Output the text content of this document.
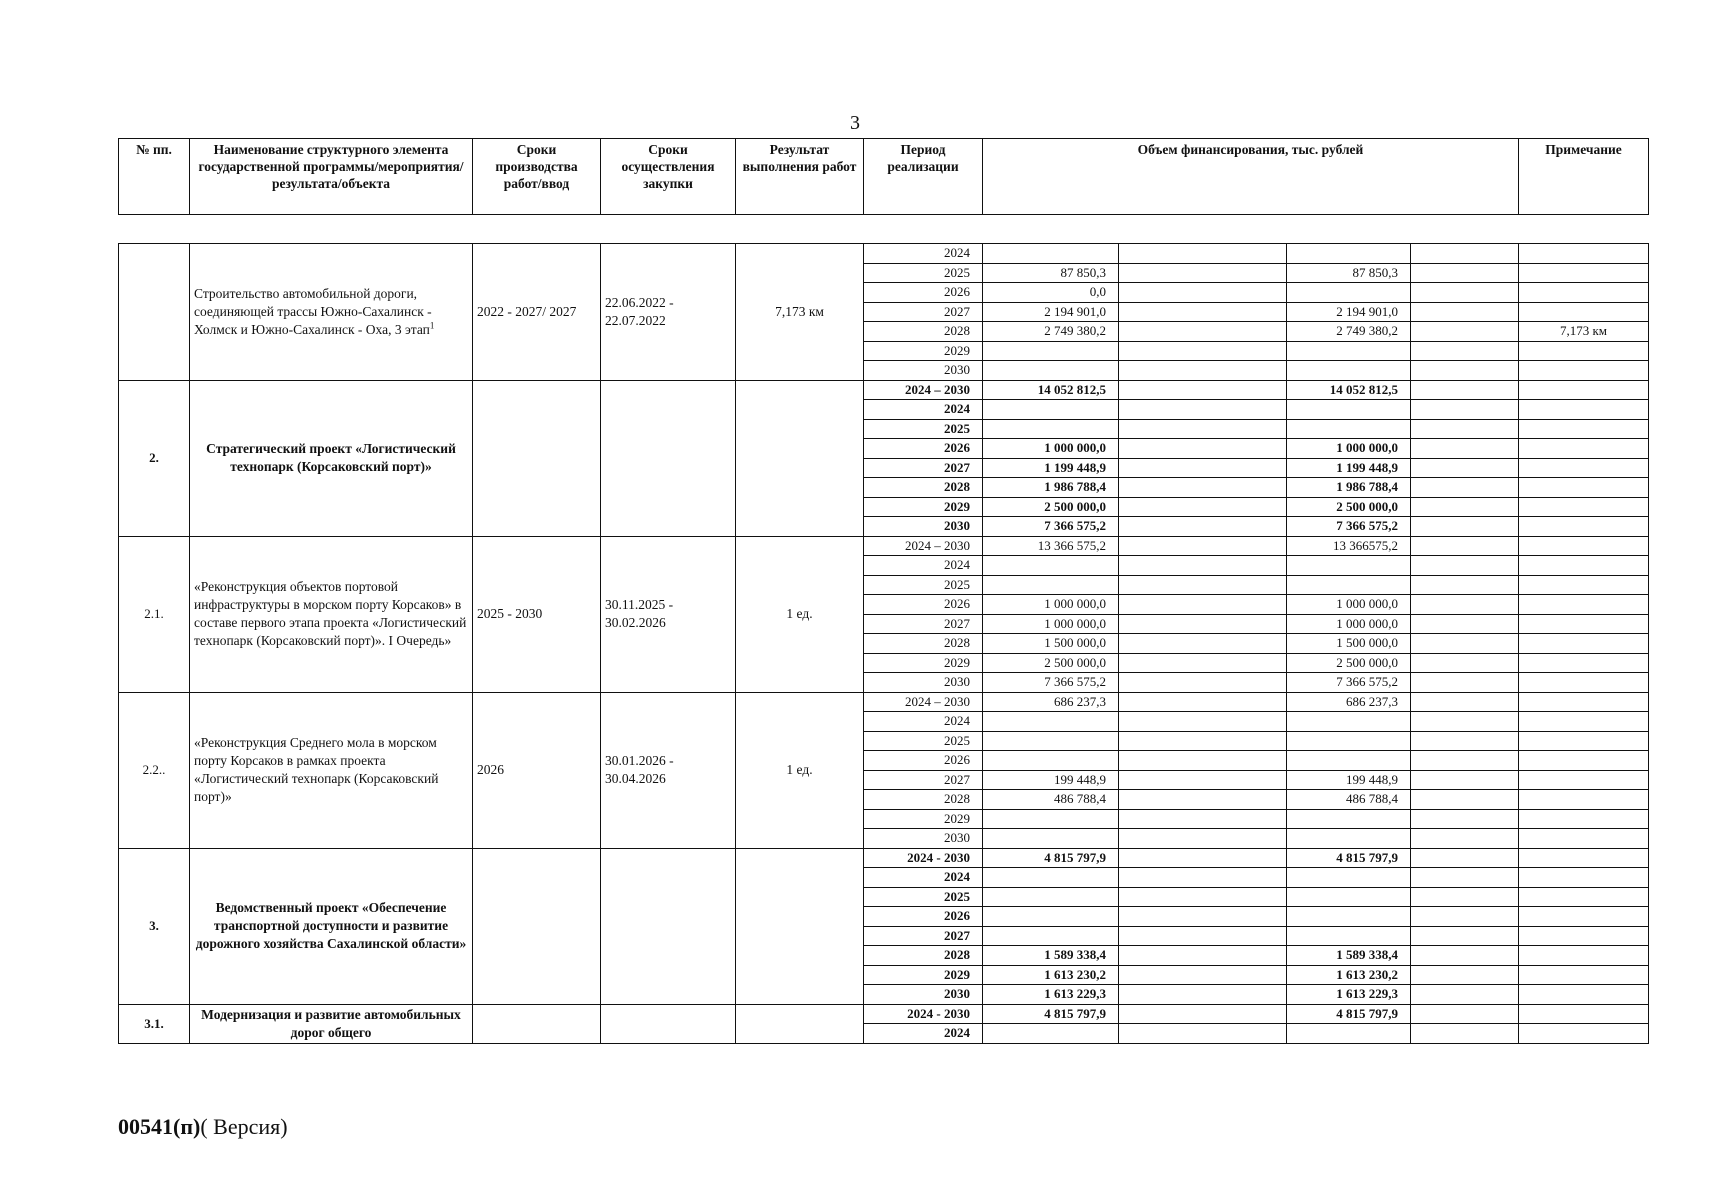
3
№ пп.	Наименование структурного элемента государственной программы/мероприятия/ результата/объекта	Сроки производства работ/ввод	Сроки осуществления закупки	Результат выполнения работ	Период реализации	Объем финансирования, тыс. рублей	Примечание
	Строительство автомобильной дороги, соединяющей трассы Южно-Сахалинск - Холмск и Южно-Сахалинск - Оха, 3 этап$^1$	2022 - 2027/ 2027	22.06.2022 - 22.07.2022	7,173 км	2024					
					2025	87 850,3		87 850,3		
					2026	0,0				
					2027	2 194 901,0		2 194 901,0		
					2028	2 749 380,2		2 749 380,2		7,173 км
					2029					
					2030					
2.	Стратегический проект «Логистический технопарк (Корсаковский порт)»				2024 – 2030	14 052 812,5		14 052 812,5		
					2024					
					2025					
					2026	1 000 000,0		1 000 000,0		
					2027	1 199 448,9		1 199 448,9		
					2028	1 986 788,4		1 986 788,4		
					2029	2 500 000,0		2 500 000,0		
					2030	7 366 575,2		7 366 575,2		
2.1.	«Реконструкция объектов портовой инфраструктуры в морском порту Корсаков» в составе первого этапа проекта «Логистический технопарк (Корсаковский порт)». I Очередь»	2025 - 2030	30.11.2025 - 30.02.2026	1 ед.	2024 – 2030	13 366 575,2		13 366575,2		
					2024					
					2025					
					2026	1 000 000,0		1 000 000,0		
					2027	1 000 000,0		1 000 000,0		
					2028	1 500 000,0		1 500 000,0		
					2029	2 500 000,0		2 500 000,0		
					2030	7 366 575,2		7 366 575,2		
2.2..	«Реконструкция Среднего мола в морском порту Корсаков в рамках проекта «Логистический технопарк (Корсаковский порт)»	2026	30.01.2026 - 30.04.2026	1 ед.	2024 – 2030	686 237,3		686 237,3		
					2024					
					2025					
					2026					
					2027	199 448,9		199 448,9		
					2028	486 788,4		486 788,4		
					2029					
					2030					
3.	Ведомственный проект «Обеспечение транспортной доступности и развитие дорожного хозяйства Сахалинской области»				2024 - 2030	4 815 797,9		4 815 797,9		
					2024					
					2025					
					2026					
					2027					
					2028	1 589 338,4		1 589 338,4		
					2029	1 613 230,2		1 613 230,2		
					2030	1 613 229,3		1 613 229,3		
3.1.	Модернизация и развитие автомобильных дорог общего				2024 - 2030	4 815 797,9		4 815 797,9		
					2024					
00541(п)( Версия)
